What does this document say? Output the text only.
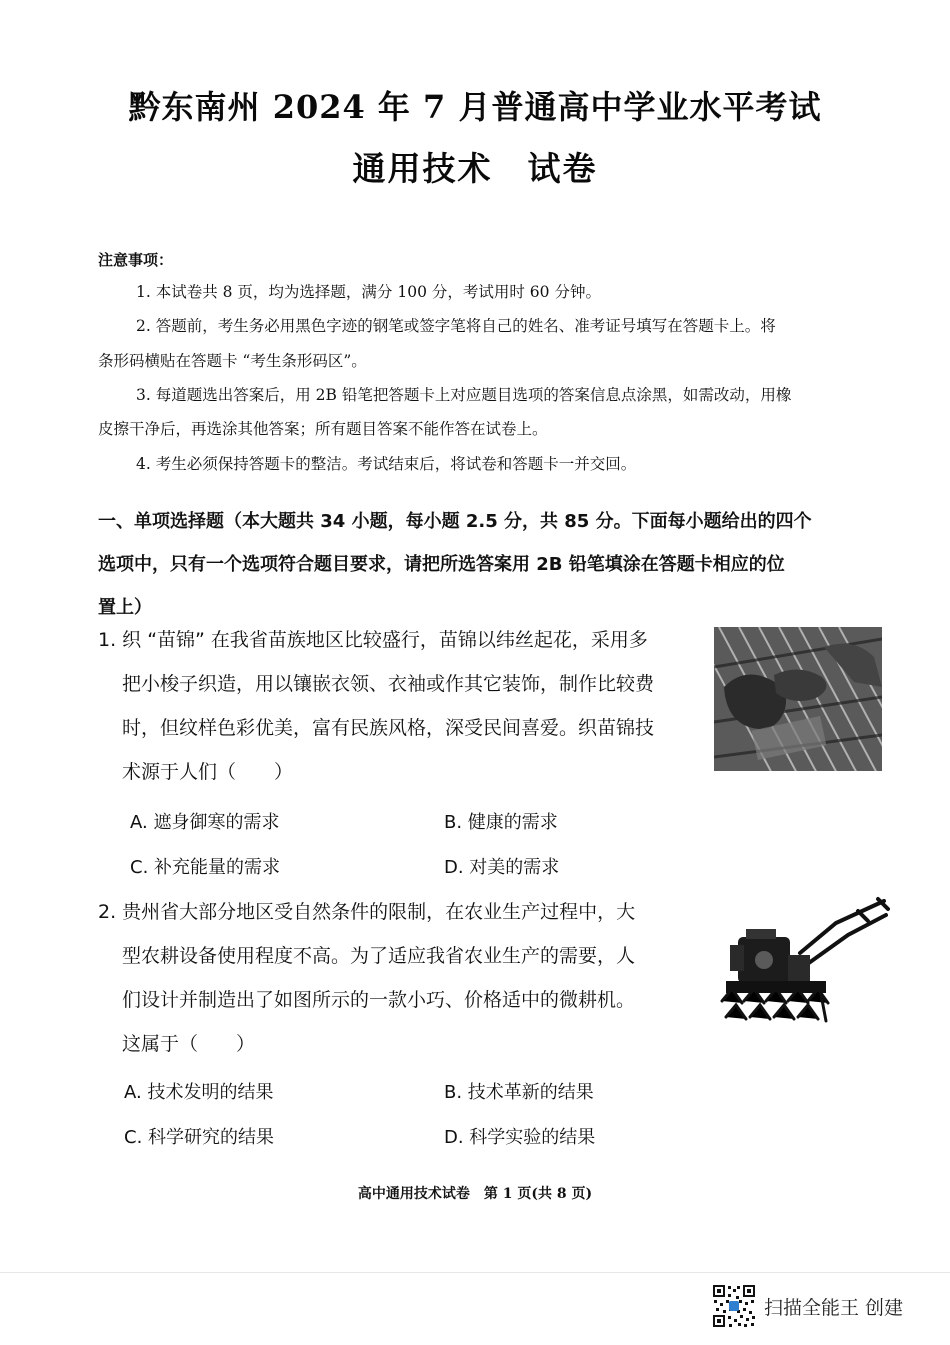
黔东南州 2024 年 7 月普通高中学业水平考试
通用技术　试卷
注意事项：
1. 本试卷共 8 页，均为选择题，满分 100 分，考试用时 60 分钟。
2. 答题前，考生务必用黑色字迹的钢笔或签字笔将自己的姓名、准考证号填写在答题卡上。将
条形码横贴在答题卡 “考生条形码区”。
3. 每道题选出答案后，用 2B 铅笔把答题卡上对应题目选项的答案信息点涂黑，如需改动，用橡
皮擦干净后，再选涂其他答案；所有题目答案不能作答在试卷上。
4. 考生必须保持答题卡的整洁。考试结束后，将试卷和答题卡一并交回。
一、单项选择题（本大题共 34 小题，每小题 2.5 分，共 85 分。下面每小题给出的四个
选项中，只有一个选项符合题目要求，请把所选答案用 2B 铅笔填涂在答题卡相应的位
置上）
1. 织 “苗锦” 在我省苗族地区比较盛行，苗锦以纬丝起花，采用多
把小梭子织造，用以镶嵌衣领、衣袖或作其它装饰，制作比较费
时，但纹样色彩优美，富有民族风格，深受民间喜爱。织苗锦技
术源于人们（　　）
A. 遮身御寒的需求	B. 健康的需求
C. 补充能量的需求	D. 对美的需求
2. 贵州省大部分地区受自然条件的限制，在农业生产过程中，大
型农耕设备使用程度不高。为了适应我省农业生产的需要，人
们设计并制造出了如图所示的一款小巧、价格适中的微耕机。
这属于（　　）
A. 技术发明的结果	B. 技术革新的结果
C. 科学研究的结果	D. 科学实验的结果
高中通用技术试卷　第 1 页(共 8 页)
扫描全能王 创建
